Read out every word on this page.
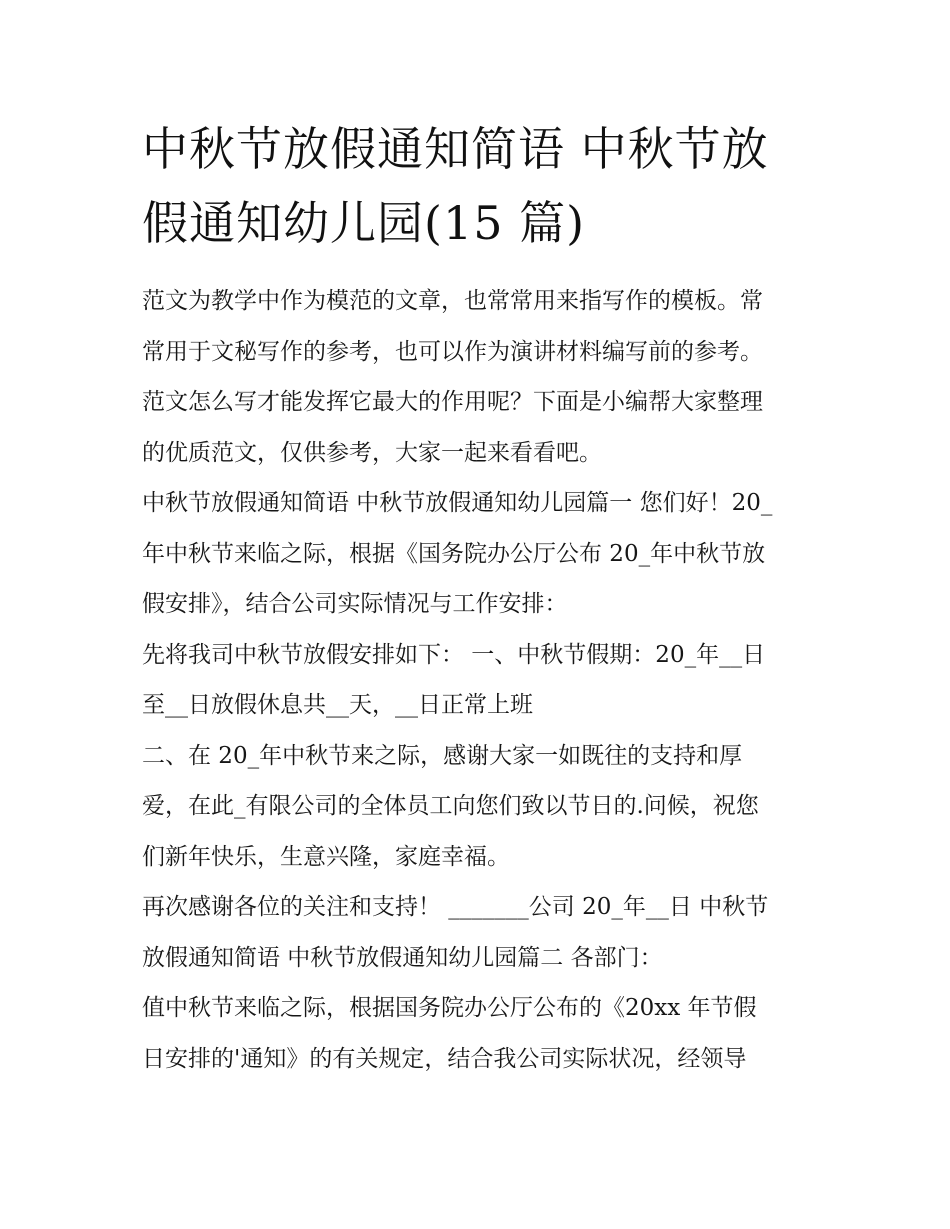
中秋节放假通知简语 中秋节放
假通知幼儿园(15 篇)
范文为教学中作为模范的文章，也常常用来指写作的模板。常
常用于文秘写作的参考，也可以作为演讲材料编写前的参考。
范文怎么写才能发挥它最大的作用呢？下面是小编帮大家整理
的优质范文，仅供参考，大家一起来看看吧。
中秋节放假通知简语 中秋节放假通知幼儿园篇一 您们好！20_
年中秋节来临之际，根据《国务院办公厅公布 20_年中秋节放
假安排》，结合公司实际情况与工作安排：
先将我司中秋节放假安排如下： 一、中秋节假期：20_年__日
至__日放假休息共__天，__日正常上班
二、在 20_年中秋节来之际，感谢大家一如既往的支持和厚
爱，在此_有限公司的全体员工向您们致以节日的.问候，祝您
们新年快乐，生意兴隆，家庭幸福。
再次感谢各位的关注和支持！ _______公司 20_年__日 中秋节
放假通知简语 中秋节放假通知幼儿园篇二 各部门：
值中秋节来临之际，根据国务院办公厅公布的《20xx 年节假
日安排的'通知》的有关规定，结合我公司实际状况，经领导
